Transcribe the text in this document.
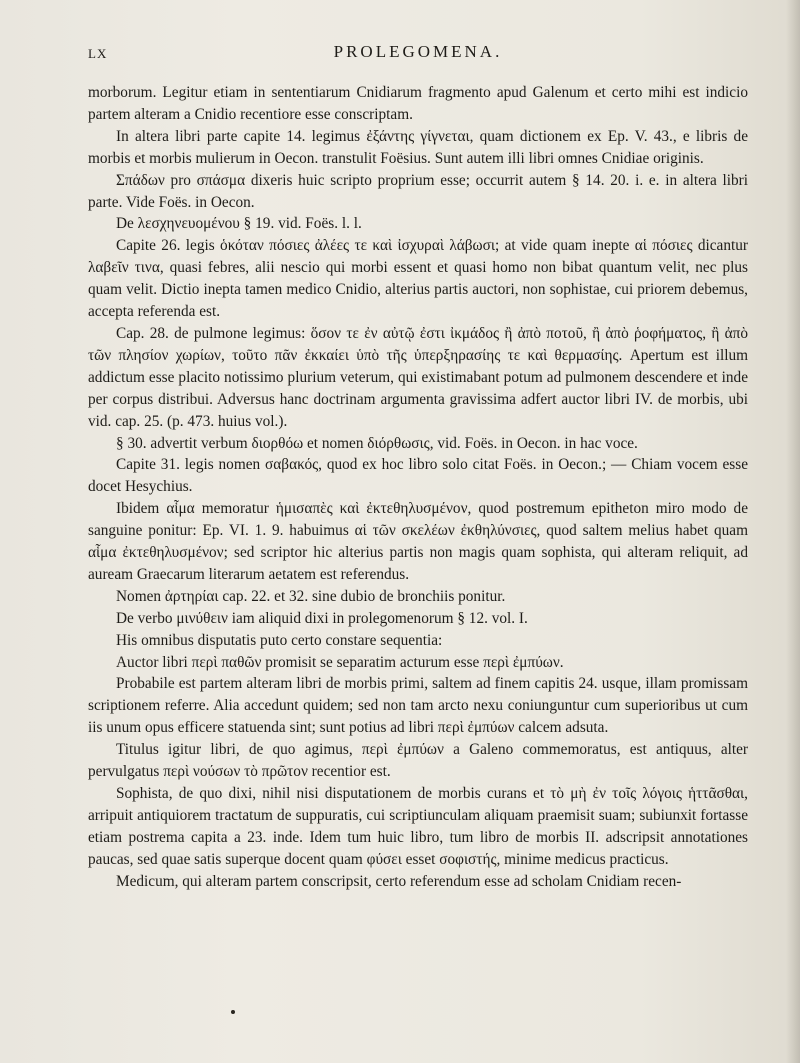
LX	PROLEGOMENA.

morborum. Legitur etiam in sententiarum Cnidiarum fragmento apud Galenum et certo mihi est indicio partem alteram a Cnidio recentiore esse conscriptam.

In altera libri parte capite 14. legimus ἐξάντης γίγνεται, quam dictionem ex Ep. V. 43., e libris de morbis et morbis mulierum in Oecon. transtulit Foësius. Sunt autem illi libri omnes Cnidiae originis.

Σπάδων pro σπάσμα dixeris huic scripto proprium esse; occurrit autem § 14. 20. i. e. in altera libri parte. Vide Foës. in Oecon.

De λεσχηνευομένου § 19. vid. Foës. l. l.

Capite 26. legis ὁκόταν πόσιες ἀλέες τε καὶ ἰσχυραὶ λάβωσι; at vide quam inepte αἱ πόσιες dicantur λαβεῖν τινα, quasi febres, alii nescio qui morbi essent et quasi homo non bibat quantum velit, nec plus quam velit. Dictio inepta tamen medico Cnidio, alterius partis auctori, non sophistae, cui priorem debemus, accepta referenda est.

Cap. 28. de pulmone legimus: ὅσον τε ἐν αὐτῷ ἐστι ἰκμάδος ἢ ἀπὸ ποτοῦ, ἢ ἀπὸ ῥοφήματος, ἢ ἀπὸ τῶν πλησίον χωρίων, τοῦτο πᾶν ἐκκαίει ὑπὸ τῆς ὑπερξηρασίης τε καὶ θερμασίης. Apertum est illum addictum esse placito notissimo plurium veterum, qui existimabant potum ad pulmonem descendere et inde per corpus distribui. Adversus hanc doctrinam argumenta gravissima adfert auctor libri IV. de morbis, ubi vid. cap. 25. (p. 473. huius vol.).

§ 30. advertit verbum διορθόω et nomen διόρθωσις, vid. Foës. in Oecon. in hac voce.

Capite 31. legis nomen σαβακός, quod ex hoc libro solo citat Foës. in Oecon.; — Chiam vocem esse docet Hesychius.

Ibidem αἷμα memoratur ἡμισαπὲς καὶ ἐκτεθηλυσμένον, quod postremum epitheton miro modo de sanguine ponitur: Ep. VI. 1. 9. habuimus αἱ τῶν σκελέων ἐκθηλύνσιες, quod saltem melius habet quam αἷμα ἐκτεθηλυσμένον; sed scriptor hic alterius partis non magis quam sophista, qui alteram reliquit, ad auream Graecarum literarum aetatem est referendus.

Nomen ἀρτηρίαι cap. 22. et 32. sine dubio de bronchiis ponitur.

De verbo μινύθειν iam aliquid dixi in prolegomenorum § 12. vol. I.

His omnibus disputatis puto certo constare sequentia:

Auctor libri περὶ παθῶν promisit se separatim acturum esse περὶ ἐμπύων.

Probabile est partem alteram libri de morbis primi, saltem ad finem capitis 24. usque, illam promissam scriptionem referre. Alia accedunt quidem; sed non tam arcto nexu coniunguntur cum superioribus ut cum iis unum opus efficere statuenda sint; sunt potius ad libri περὶ ἐμπύων calcem adsuta.

Titulus igitur libri, de quo agimus, περὶ ἐμπύων a Galeno commemoratus, est antiquus, alter pervulgatus περὶ νούσων τὸ πρῶτον recentior est.

Sophista, de quo dixi, nihil nisi disputationem de morbis curans et τὸ μὴ ἐν τοῖς λόγοις ἡττᾶσθαι, arripuit antiquiorem tractatum de suppuratis, cui scriptiunculam aliquam praemisit suam; subiunxit fortasse etiam postrema capita a 23. inde. Idem tum huic libro, tum libro de morbis II. adscripsit annotationes paucas, sed quae satis superque docent quam φύσει esset σοφιστής, minime medicus practicus.

Medicum, qui alteram partem conscripsit, certo referendum esse ad scholam Cnidiam recen-
